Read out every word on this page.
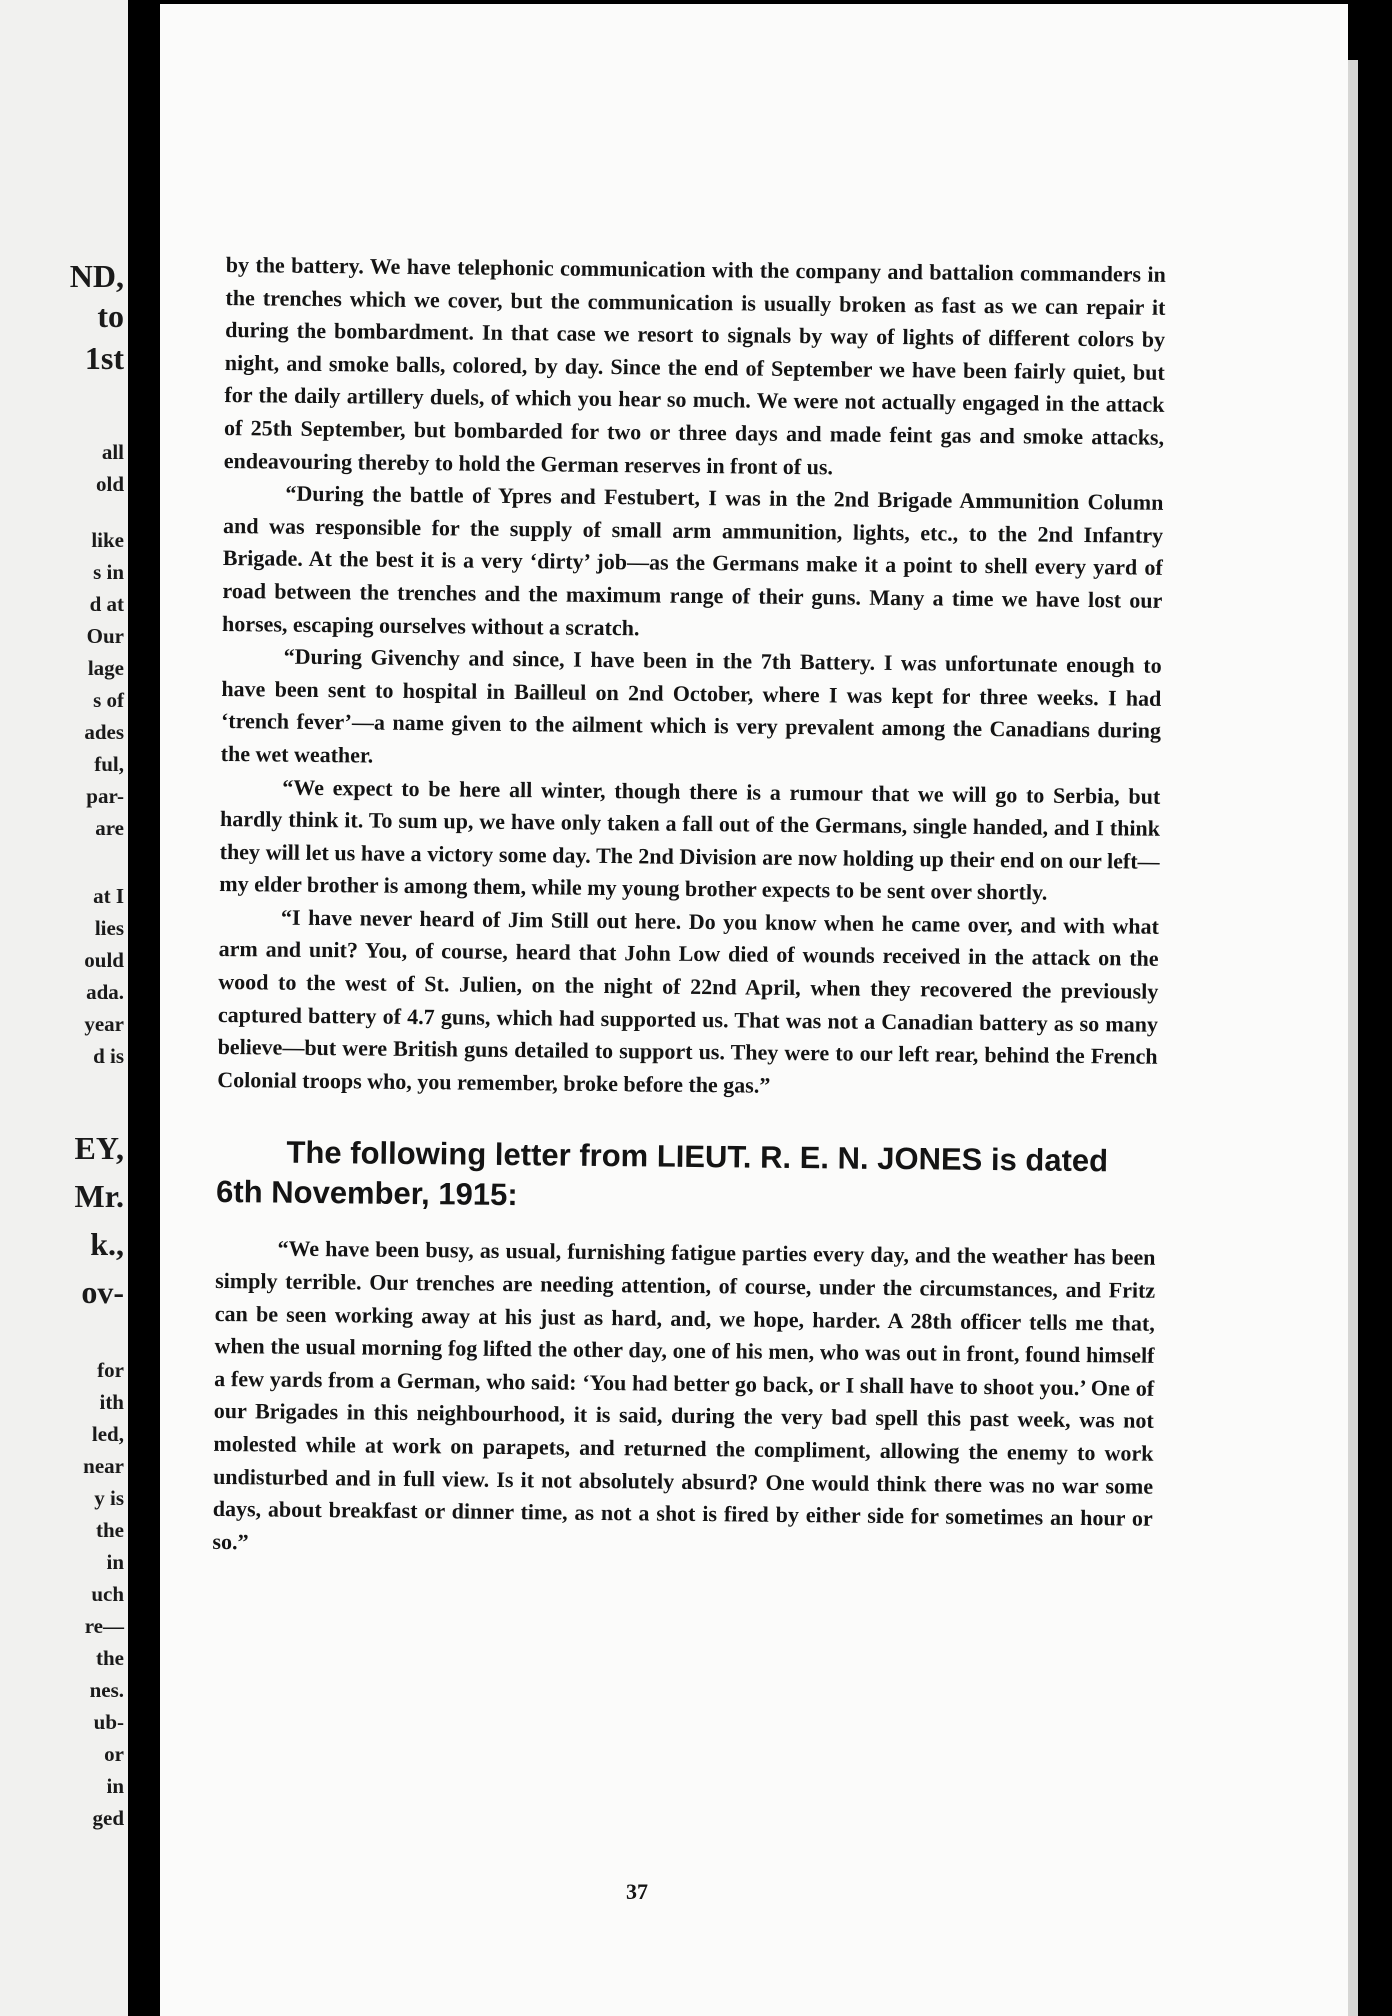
ND,
to
1st
all
old
like
s in
d at
Our
lage
s of
ades
ful,
par-
are
at I
lies
ould
ada.
year
d is
EY,
Mr.
k.,
ov-
for
ith
led,
near
y is
the
in
uch
re—
the
nes.
ub-
or
in
ged

by the battery. We have telephonic communication with the company and battalion commanders in the trenches which we cover, but the communication is usually broken as fast as we can repair it during the bombardment. In that case we resort to signals by way of lights of different colors by night, and smoke balls, colored, by day. Since the end of September we have been fairly quiet, but for the daily artillery duels, of which you hear so much. We were not actually engaged in the attack of 25th September, but bombarded for two or three days and made feint gas and smoke attacks, endeavouring thereby to hold the German reserves in front of us.

“During the battle of Ypres and Festubert, I was in the 2nd Brigade Ammunition Column and was responsible for the supply of small arm ammunition, lights, etc., to the 2nd Infantry Brigade. At the best it is a very ‘dirty’ job—as the Germans make it a point to shell every yard of road between the trenches and the maximum range of their guns. Many a time we have lost our horses, escaping ourselves without a scratch.

“During Givenchy and since, I have been in the 7th Battery. I was unfortunate enough to have been sent to hospital in Bailleul on 2nd October, where I was kept for three weeks. I had ‘trench fever’—a name given to the ailment which is very prevalent among the Canadians during the wet weather.

“We expect to be here all winter, though there is a rumour that we will go to Serbia, but hardly think it. To sum up, we have only taken a fall out of the Germans, single handed, and I think they will let us have a victory some day. The 2nd Division are now holding up their end on our left—my elder brother is among them, while my young brother expects to be sent over shortly.

“I have never heard of Jim Still out here. Do you know when he came over, and with what arm and unit? You, of course, heard that John Low died of wounds received in the attack on the wood to the west of St. Julien, on the night of 22nd April, when they recovered the previously captured battery of 4.7 guns, which had supported us. That was not a Canadian battery as so many believe—but were British guns detailed to support us. They were to our left rear, behind the French Colonial troops who, you remember, broke before the gas.”

The following letter from LIEUT. R. E. N. JONES is dated 6th November, 1915:

“We have been busy, as usual, furnishing fatigue parties every day, and the weather has been simply terrible. Our trenches are needing attention, of course, under the circumstances, and Fritz can be seen working away at his just as hard, and, we hope, harder. A 28th officer tells me that, when the usual morning fog lifted the other day, one of his men, who was out in front, found himself a few yards from a German, who said: ‘You had better go back, or I shall have to shoot you.’ One of our Brigades in this neighbourhood, it is said, during the very bad spell this past week, was not molested while at work on parapets, and returned the compliment, allowing the enemy to work undisturbed and in full view. Is it not absolutely absurd? One would think there was no war some days, about breakfast or dinner time, as not a shot is fired by either side for sometimes an hour or so.”

37
